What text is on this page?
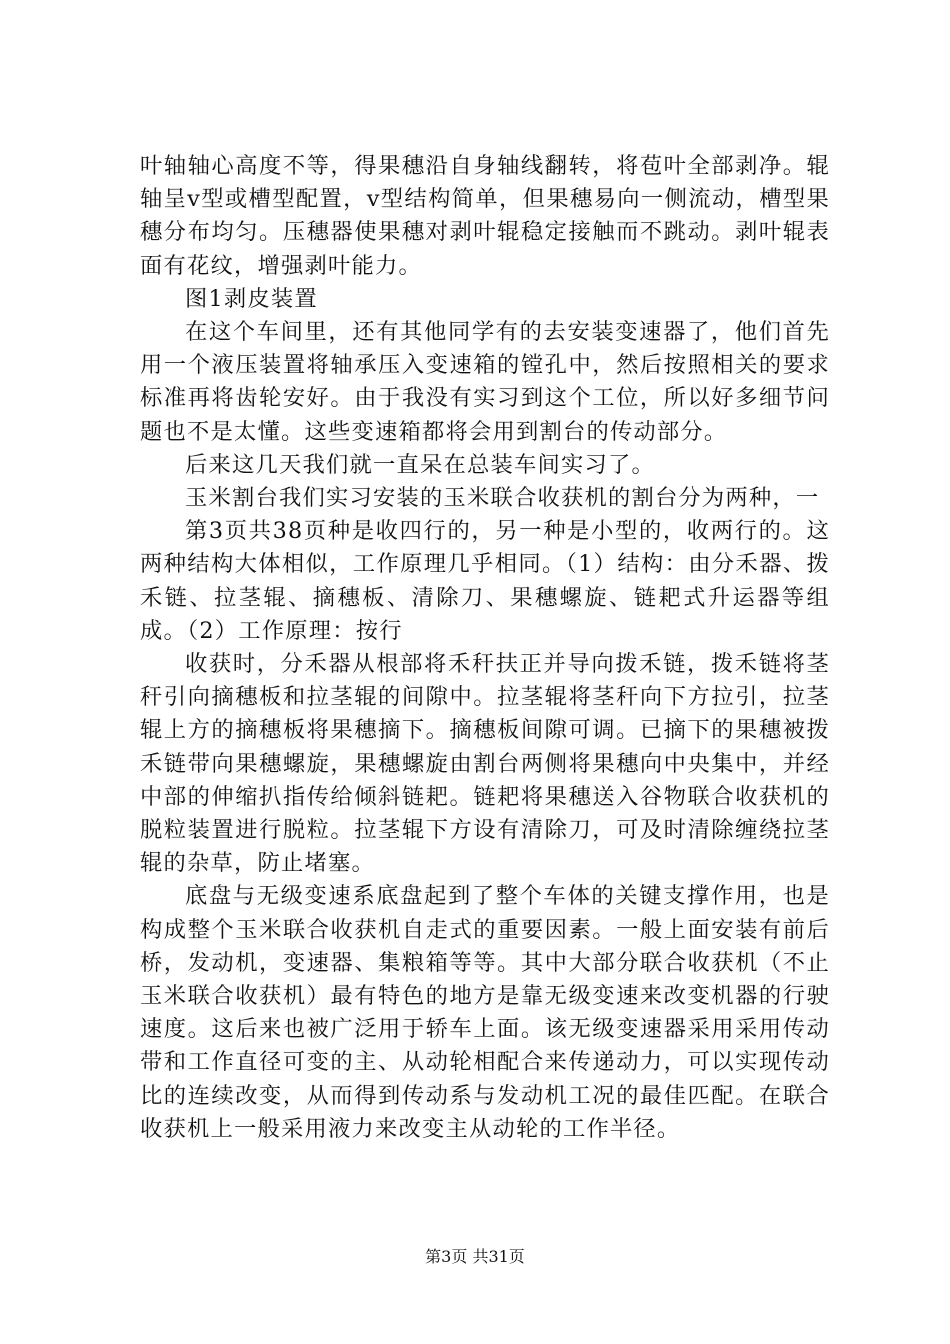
叶轴轴心高度不等，得果穗沿自身轴线翻转，将苞叶全部剥净。辊轴呈v型或槽型配置，v型结构简单，但果穗易向一侧流动，槽型果穗分布均匀。压穗器使果穗对剥叶辊稳定接触而不跳动。剥叶辊表面有花纹，增强剥叶能力。

图1剥皮装置

在这个车间里，还有其他同学有的去安装变速器了，他们首先用一个液压装置将轴承压入变速箱的镗孔中，然后按照相关的要求标准再将齿轮安好。由于我没有实习到这个工位，所以好多细节问题也不是太懂。这些变速箱都将会用到割台的传动部分。

后来这几天我们就一直呆在总装车间实习了。

玉米割台我们实习安装的玉米联合收获机的割台分为两种，一

第3页共38页种是收四行的，另一种是小型的，收两行的。这两种结构大体相似，工作原理几乎相同。（1）结构：由分禾器、拨禾链、拉茎辊、摘穗板、清除刀、果穗螺旋、链耙式升运器等组成。（2）工作原理：按行

收获时，分禾器从根部将禾秆扶正并导向拨禾链，拨禾链将茎秆引向摘穗板和拉茎辊的间隙中。拉茎辊将茎秆向下方拉引，拉茎辊上方的摘穗板将果穗摘下。摘穗板间隙可调。已摘下的果穗被拨禾链带向果穗螺旋，果穗螺旋由割台两侧将果穗向中央集中，并经中部的伸缩扒指传给倾斜链耙。链耙将果穗送入谷物联合收获机的脱粒装置进行脱粒。拉茎辊下方设有清除刀，可及时清除缠绕拉茎辊的杂草，防止堵塞。

底盘与无级变速系底盘起到了整个车体的关键支撑作用，也是构成整个玉米联合收获机自走式的重要因素。一般上面安装有前后桥，发动机，变速器、集粮箱等等。其中大部分联合收获机（不止玉米联合收获机）最有特色的地方是靠无级变速来改变机器的行驶速度。这后来也被广泛用于轿车上面。该无级变速器采用采用传动带和工作直径可变的主、从动轮相配合来传递动力，可以实现传动比的连续改变，从而得到传动系与发动机工况的最佳匹配。在联合收获机上一般采用液力来改变主从动轮的工作半径。

第3页 共31页
